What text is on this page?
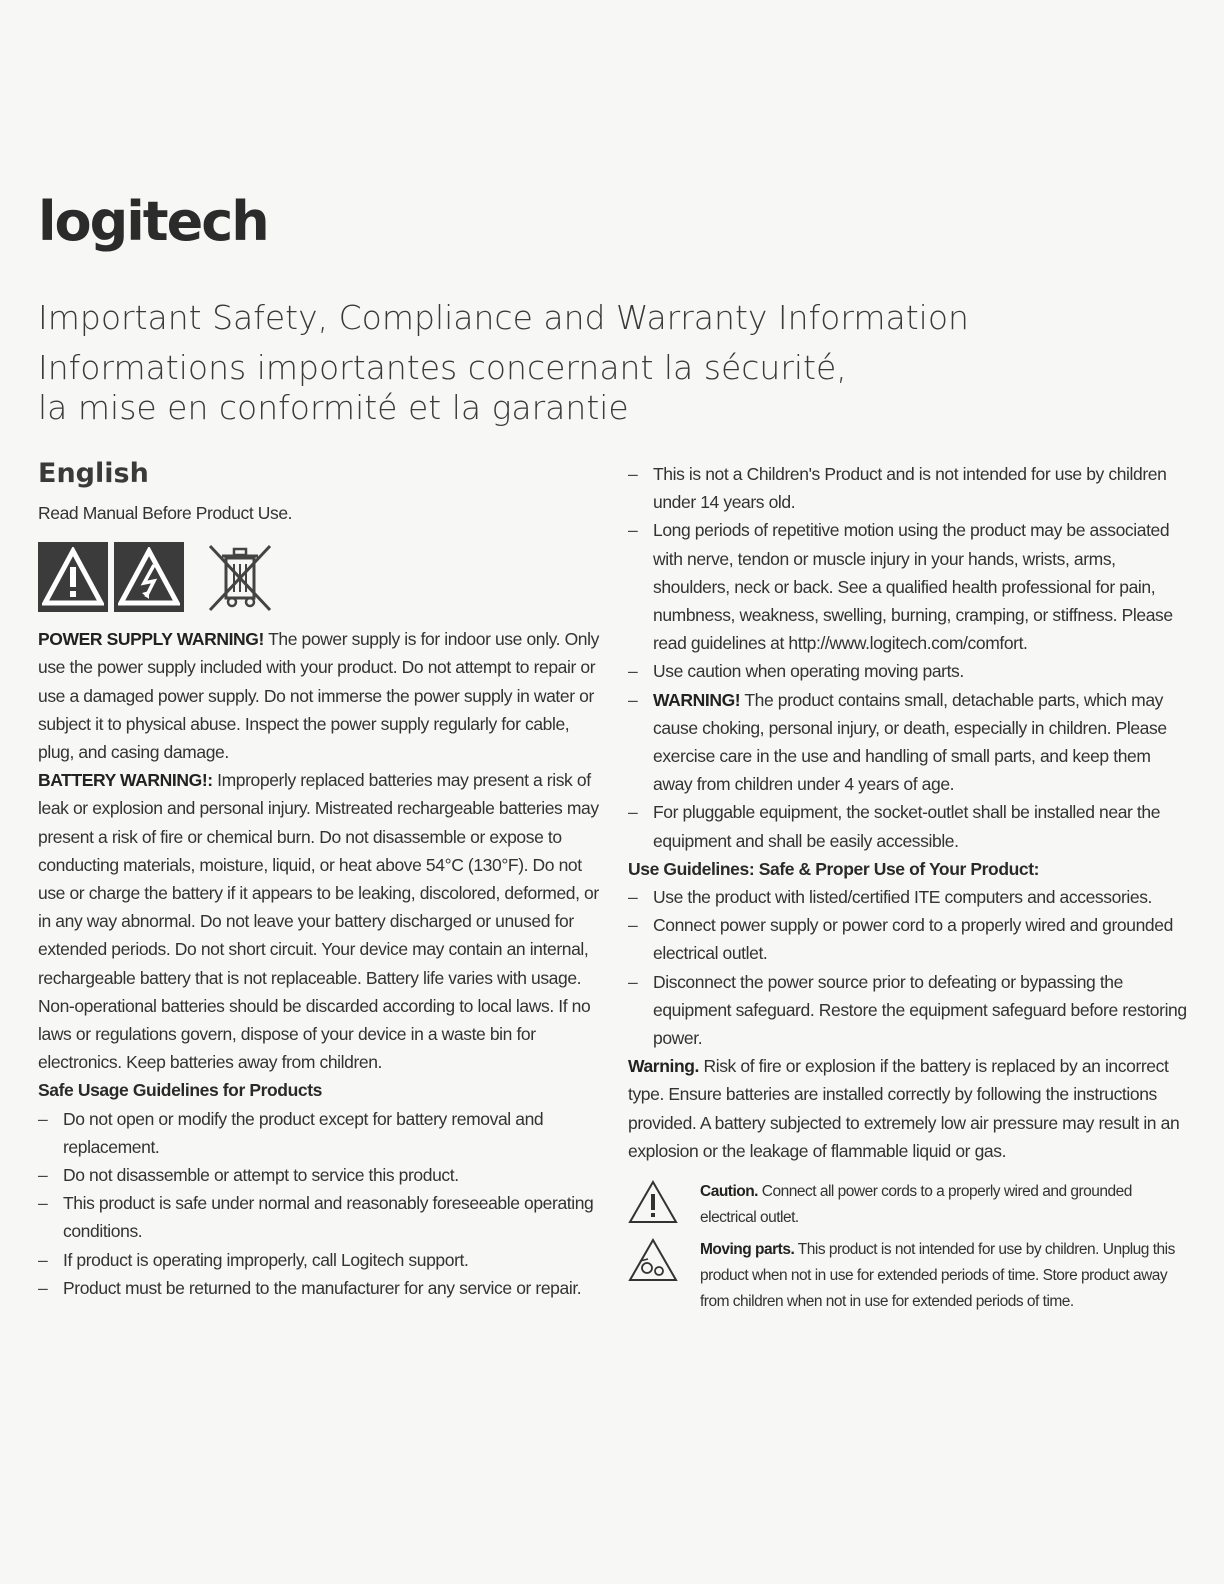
logitech
Important Safety, Compliance and Warranty Information
Informations importantes concernant la sécurité,
la mise en conformité et la garantie
English

Read Manual Before Product Use.

POWER SUPPLY WARNING! The power supply is for indoor use only. Only use the power supply included with your product. Do not attempt to repair or use a damaged power supply. Do not immerse the power supply in water or subject it to physical abuse. Inspect the power supply regularly for cable, plug, and casing damage.

BATTERY WARNING!: Improperly replaced batteries may present a risk of leak or explosion and personal injury. Mistreated rechargeable batteries may present a risk of fire or chemical burn. Do not disassemble or expose to conducting materials, moisture, liquid, or heat above 54°C (130°F). Do not use or charge the battery if it appears to be leaking, discolored, deformed, or in any way abnormal. Do not leave your battery discharged or unused for extended periods. Do not short circuit. Your device may contain an internal, rechargeable battery that is not replaceable. Battery life varies with usage. Non-operational batteries should be discarded according to local laws. If no laws or regulations govern, dispose of your device in a waste bin for electronics. Keep batteries away from children.

Safe Usage Guidelines for Products
– Do not open or modify the product except for battery removal and replacement.
– Do not disassemble or attempt to service this product.
– This product is safe under normal and reasonably foreseeable operating conditions.
– If product is operating improperly, call Logitech support.
– Product must be returned to the manufacturer for any service or repair.
– This is not a Children's Product and is not intended for use by children under 14 years old.
– Long periods of repetitive motion using the product may be associated with nerve, tendon or muscle injury in your hands, wrists, arms, shoulders, neck or back. See a qualified health professional for pain, numbness, weakness, swelling, burning, cramping, or stiffness. Please read guidelines at http://www.logitech.com/comfort.
– Use caution when operating moving parts.
– WARNING! The product contains small, detachable parts, which may cause choking, personal injury, or death, especially in children. Please exercise care in the use and handling of small parts, and keep them away from children under 4 years of age.
– For pluggable equipment, the socket-outlet shall be installed near the equipment and shall be easily accessible.
Use Guidelines: Safe & Proper Use of Your Product:
– Use the product with listed/certified ITE computers and accessories.
– Connect power supply or power cord to a properly wired and grounded electrical outlet.
– Disconnect the power source prior to defeating or bypassing the equipment safeguard. Restore the equipment safeguard before restoring power.

Warning. Risk of fire or explosion if the battery is replaced by an incorrect type. Ensure batteries are installed correctly by following the instructions provided. A battery subjected to extremely low air pressure may result in an explosion or the leakage of flammable liquid or gas.

Caution. Connect all power cords to a properly wired and grounded electrical outlet.

Moving parts. This product is not intended for use by children. Unplug this product when not in use for extended periods of time. Store product away from children when not in use for extended periods of time.
